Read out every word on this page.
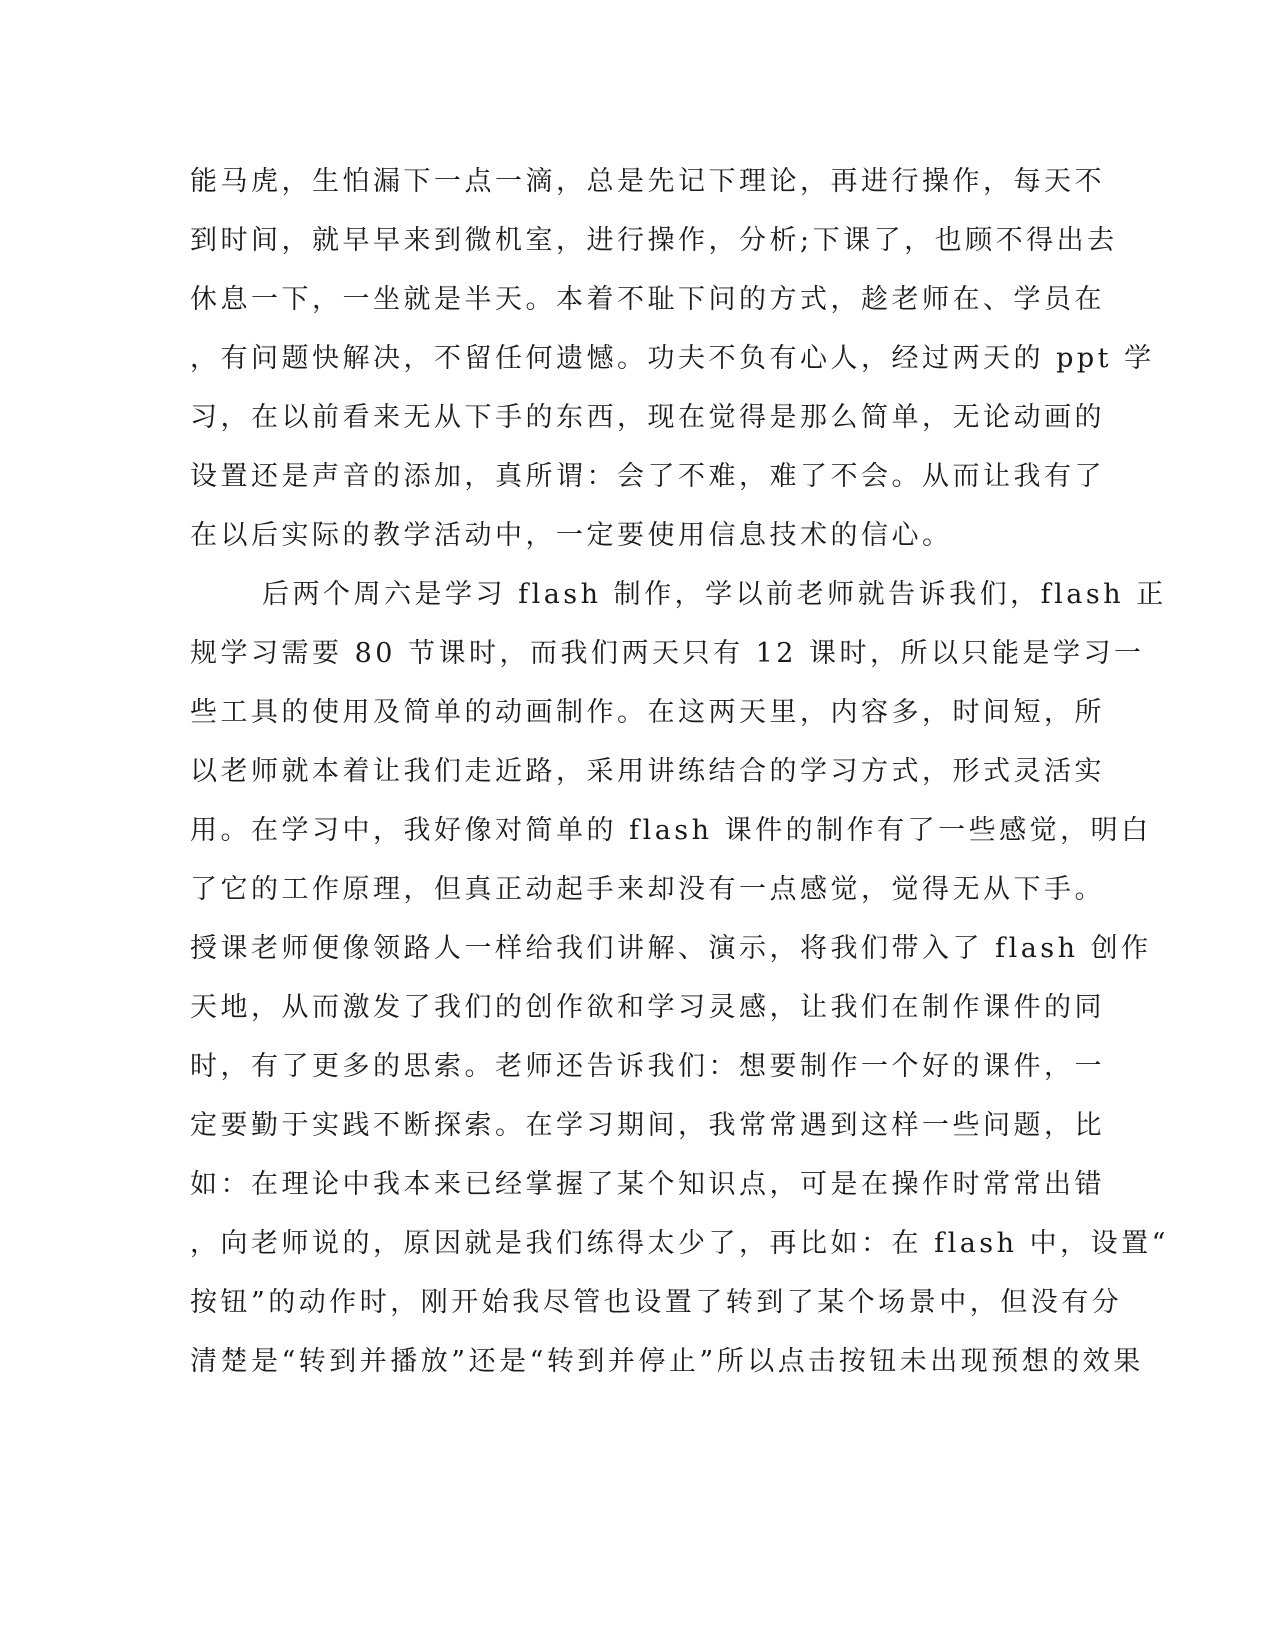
能马虎，生怕漏下一点一滴，总是先记下理论，再进行操作，每天不
到时间，就早早来到微机室，进行操作，分析;下课了，也顾不得出去
休息一下，一坐就是半天。本着不耻下问的方式，趁老师在、学员在
，有问题快解决，不留任何遗憾。功夫不负有心人，经过两天的 ppt 学
习，在以前看来无从下手的东西，现在觉得是那么简单，无论动画的
设置还是声音的添加，真所谓：会了不难，难了不会。从而让我有了
在以后实际的教学活动中，一定要使用信息技术的信心。
后两个周六是学习 flash 制作，学以前老师就告诉我们，flash 正
规学习需要 80 节课时，而我们两天只有 12 课时，所以只能是学习一
些工具的使用及简单的动画制作。在这两天里，内容多，时间短，所
以老师就本着让我们走近路，采用讲练结合的学习方式，形式灵活实
用。在学习中，我好像对简单的 flash 课件的制作有了一些感觉，明白
了它的工作原理，但真正动起手来却没有一点感觉，觉得无从下手。
授课老师便像领路人一样给我们讲解、演示，将我们带入了 flash 创作
天地，从而激发了我们的创作欲和学习灵感，让我们在制作课件的同
时，有了更多的思索。老师还告诉我们：想要制作一个好的课件，一
定要勤于实践不断探索。在学习期间，我常常遇到这样一些问题，比
如：在理论中我本来已经掌握了某个知识点，可是在操作时常常出错
，向老师说的，原因就是我们练得太少了，再比如：在 flash 中，设置“
按钮”的动作时，刚开始我尽管也设置了转到了某个场景中，但没有分
清楚是“转到并播放”还是“转到并停止”所以点击按钮未出现预想的效果
